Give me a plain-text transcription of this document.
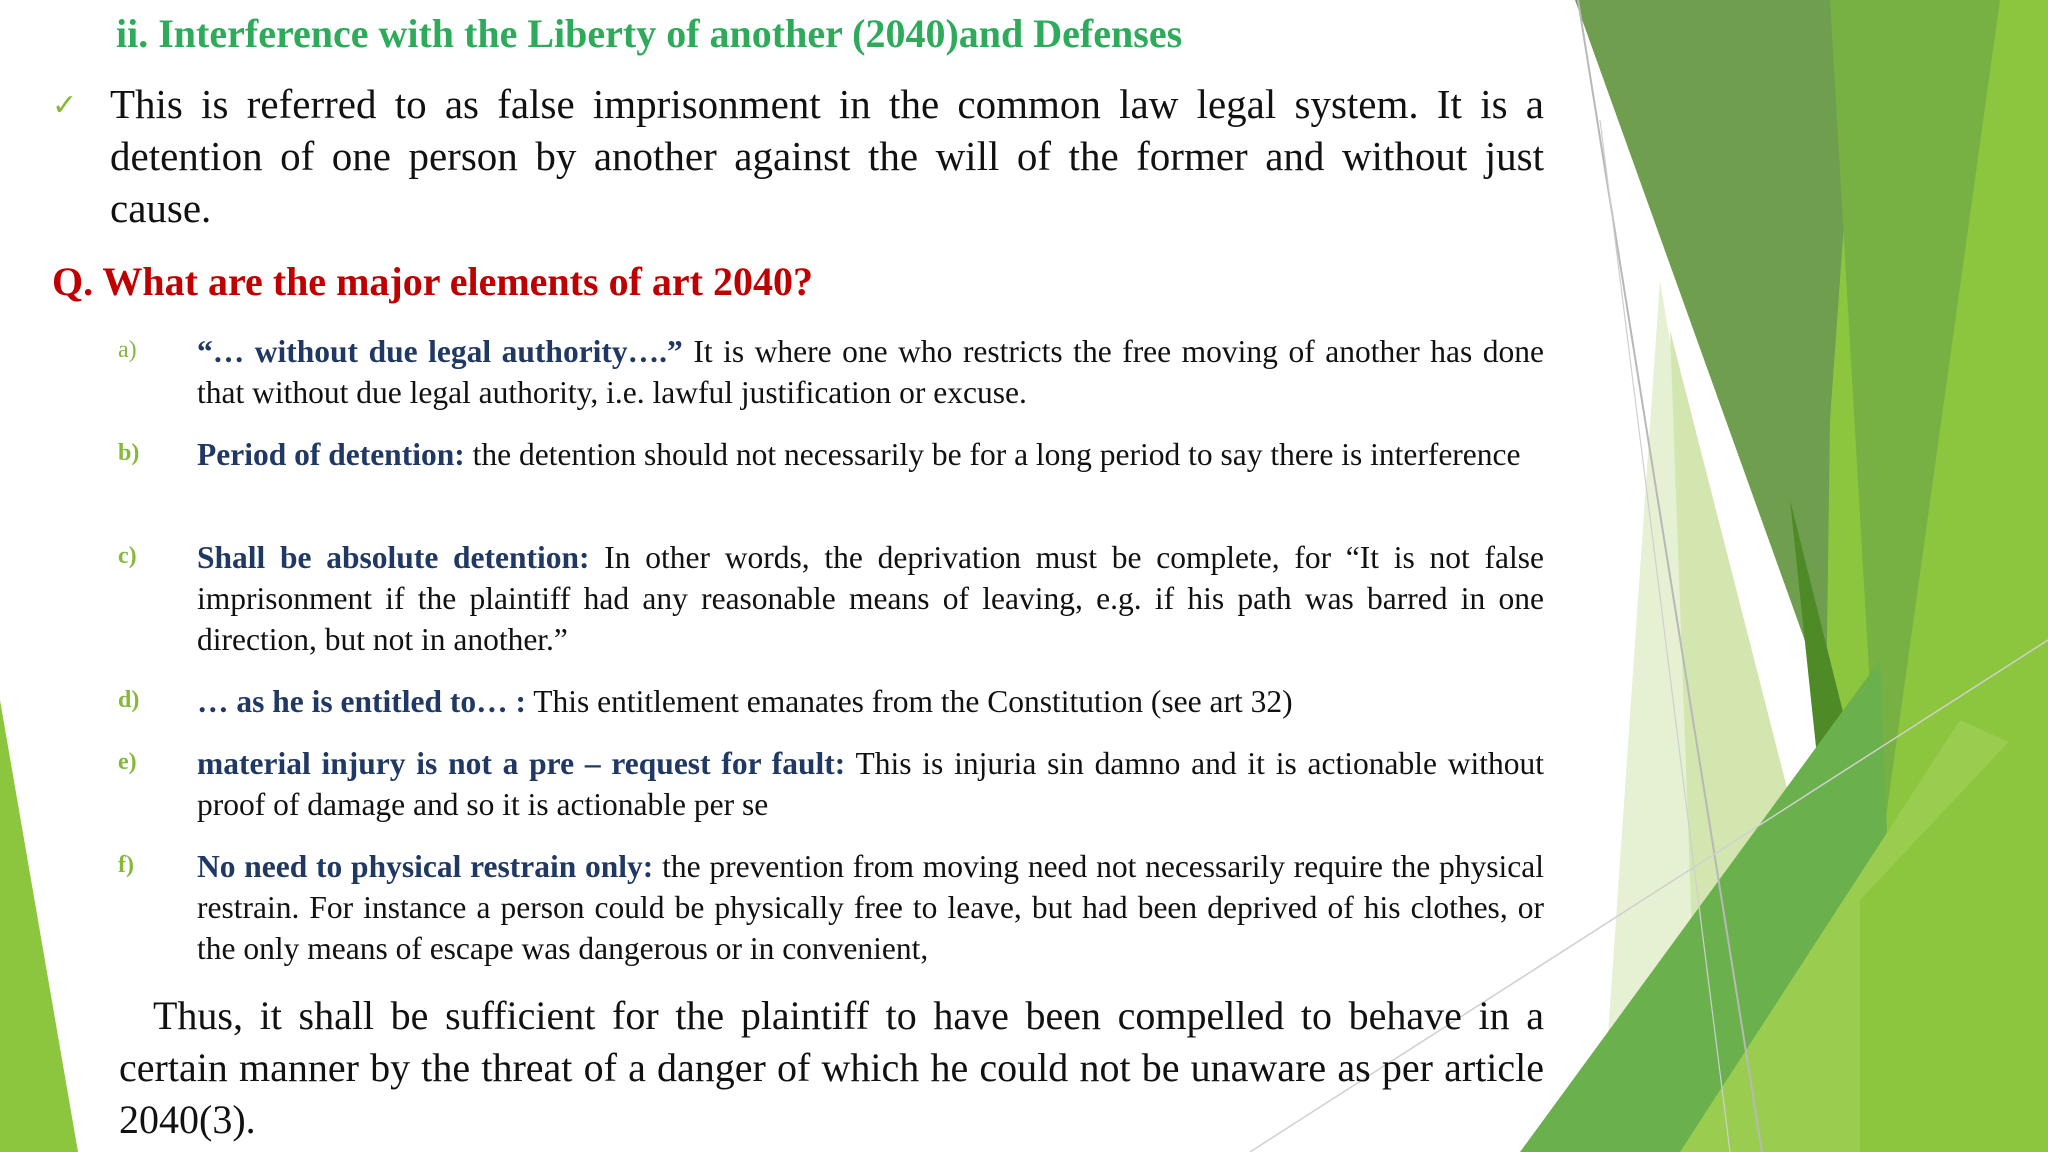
ii. Interference with the Liberty of another (2040)and Defenses
✓ This is referred to as false imprisonment in the common law legal system. It is a detention of one person by another against the will of the former and without just cause.
Q. What are the major elements of art 2040?
a) “… without due legal authority….” It is where one who restricts the free moving of another has done that without due legal authority, i.e. lawful justification or excuse.
b) Period of detention: the detention should not necessarily be for a long period to say there is interference
c) Shall be absolute detention: In other words, the deprivation must be complete, for “It is not false imprisonment if the plaintiff had any reasonable means of leaving, e.g. if his path was barred in one direction, but not in another.”
d) … as he is entitled to… : This entitlement emanates from the Constitution (see art 32)
e) material injury is not a pre – request for fault: This is injuria sin damno and it is actionable without proof of damage and so it is actionable per se
f) No need to physical restrain only: the prevention from moving need not necessarily require the physical restrain. For instance a person could be physically free to leave, but had been deprived of his clothes, or the only means of escape was dangerous or in convenient,
Thus, it shall be sufficient for the plaintiff to have been compelled to behave in a certain manner by the threat of a danger of which he could not be unaware as per article 2040(3).
